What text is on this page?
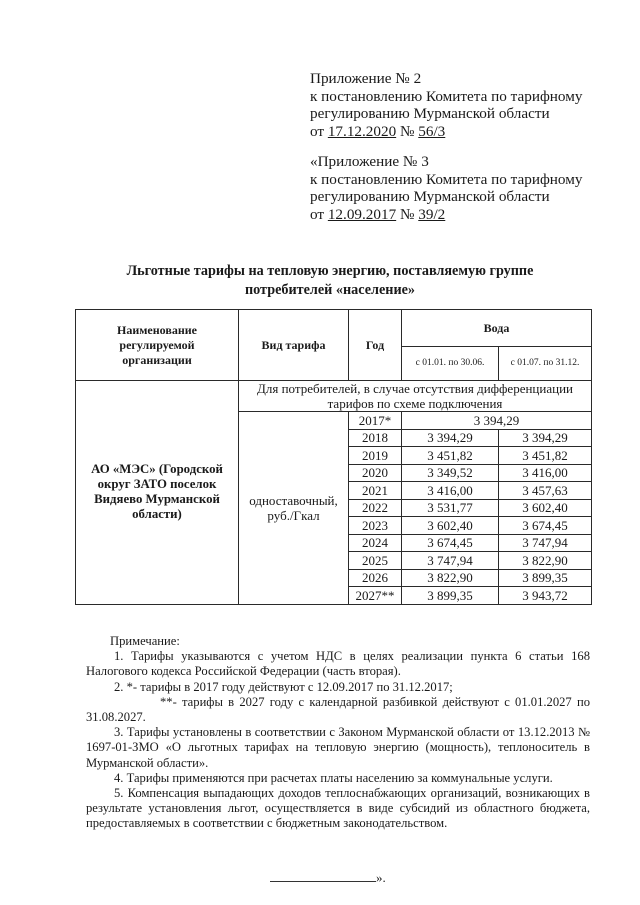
Приложение № 2
к постановлению Комитета по тарифному
регулированию Мурманской области
от 17.12.2020 № 56/3
«Приложение № 3
к постановлению Комитета по тарифному
регулированию Мурманской области
от 12.09.2017 № 39/2
Льготные тарифы на тепловую энергию, поставляемую группе
потребителей «население»
Наименование регулируемой организации	Вид тарифа	Год	Вода	
			с 01.01. по 30.06.	с 01.07. по 31.12.
АО «МЭС» (Городской округ ЗАТО поселок Видяево Мурманской области)	Для потребителей, в случае отсутствия дифференциации тарифов по схеме подключения			
	одноставочный, руб./Гкал	2017*	3 394,29	
		2018	3 394,29	3 394,29
		2019	3 451,82	3 451,82
		2020	3 349,52	3 416,00
		2021	3 416,00	3 457,63
		2022	3 531,77	3 602,40
		2023	3 602,40	3 674,45
		2024	3 674,45	3 747,94
		2025	3 747,94	3 822,90
		2026	3 822,90	3 899,35
		2027**	3 899,35	3 943,72

Примечание:

1. Тарифы указываются с учетом НДС в целях реализации пункта 6 статьи 168 Налогового кодекса Российской Федерации (часть вторая).

2. *- тарифы в 2017 году действуют с 12.09.2017 по 31.12.2017;

**- тарифы в 2027 году с календарной разбивкой действуют с 01.01.2027 по 31.08.2027.

3. Тарифы установлены в соответствии с Законом Мурманской области от 13.12.2013 № 1697-01-ЗМО «О льготных тарифах на тепловую энергию (мощность), теплоноситель в Мурманской области».

4. Тарифы применяются при расчетах платы населению за коммунальные услуги.

5. Компенсация выпадающих доходов теплоснабжающих организаций, возникающих в результате установления льгот, осуществляется в виде субсидий из областного бюджета, предоставляемых в соответствии с бюджетным законодательством.

».
